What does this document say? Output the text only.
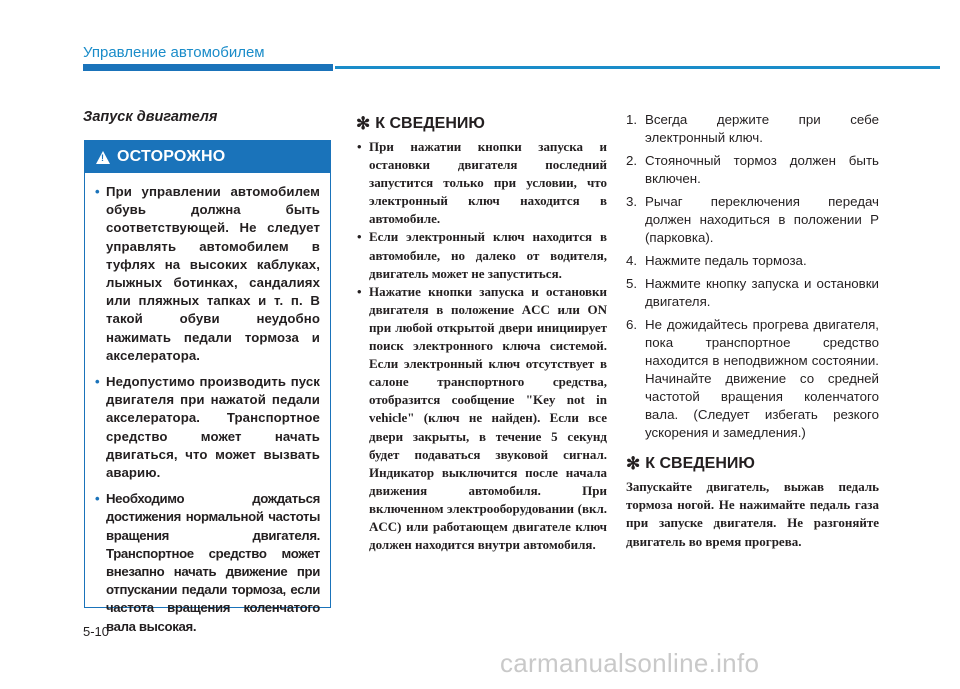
Управление автомобилем
Запуск двигателя
! ОСТОРОЖНО
• При управлении автомобилем обувь должна быть соответствующей. Не следует управлять автомобилем в туфлях на высоких каблуках, лыжных ботинках, сандалиях или пляжных тапках и т. п. В такой обуви неудобно нажимать педали тормоза и акселератора.
• Недопустимо производить пуск двигателя при нажатой педали акселератора. Транспортное средство может начать двигаться, что может вызвать аварию.
• Необходимо дождаться достижения нормальной частоты вращения двигателя. Транспортное средство может внезапно начать движение при отпускании педали тормоза, если частота вращения коленчатого вала высокая.
✻ К СВЕДЕНИЮ
• При нажатии кнопки запуска и остановки двигателя последний запустится только при условии, что электронный ключ находится в автомобиле.
• Если электронный ключ находится в автомобиле, но далеко от водителя, двигатель может не запуститься.
• Нажатие кнопки запуска и остановки двигателя в положение ACC или ON при любой открытой двери инициирует поиск электронного ключа системой. Если электронный ключ отсутствует в салоне транспортного средства, отобразится сообщение "Key not in vehicle" (ключ не найден). Если все двери закрыты, в течение 5 секунд будет подаваться звуковой сигнал. Индикатор выключится после начала движения автомобиля. При включенном электрооборудовании (вкл. ACC) или работающем двигателе ключ должен находится внутри автомобиля.
1. Всегда держите при себе электронный ключ.
2. Стояночный тормоз должен быть включен.
3. Рычаг переключения передач должен находиться в положении P (парковка).
4. Нажмите педаль тормоза.
5. Нажмите кнопку запуска и остановки двигателя.
6. Не дожидайтесь прогрева двигателя, пока транспортное средство находится в неподвижном состоянии. Начинайте движение со средней частотой вращения коленчатого вала. (Следует избегать резкого ускорения и замедления.)
✻ К СВЕДЕНИЮ
Запускайте двигатель, выжав педаль тормоза ногой. Не нажимайте педаль газа при запуске двигателя. Не разгоняйте двигатель во время прогрева.
5-10
carmanualsonline.info
